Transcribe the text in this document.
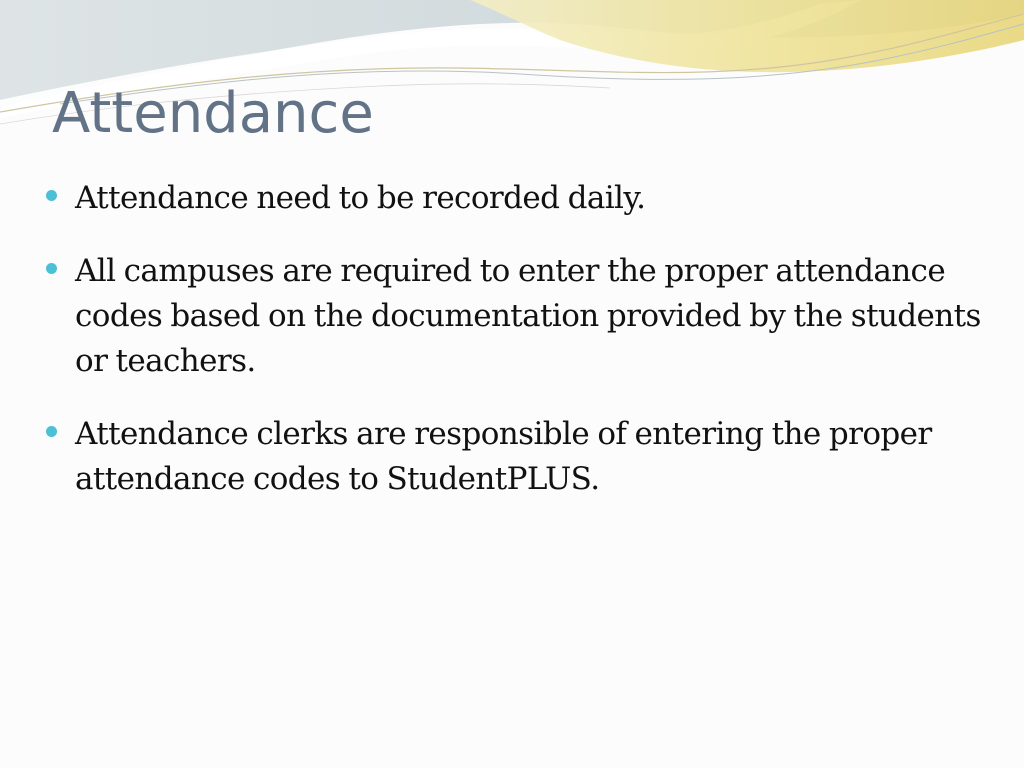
Attendance
Attendance need to be recorded daily.
All campuses are required to enter the proper attendance codes based on the documentation provided by the students or teachers.
Attendance clerks are responsible of entering the proper attendance codes to StudentPLUS.
